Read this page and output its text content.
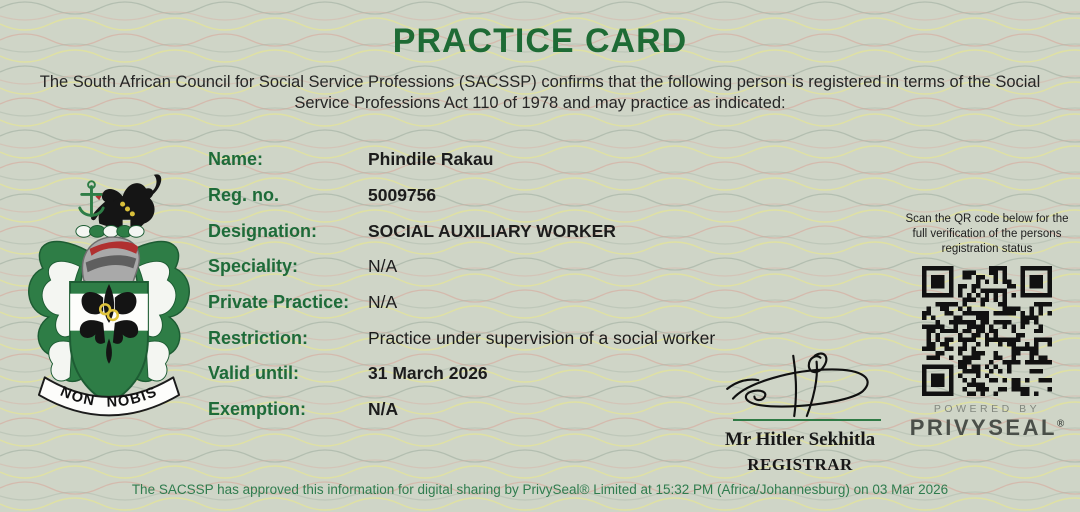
PRACTICE CARD

The South African Council for Social Service Professions (SACSSP) confirms that the following person is registered in terms of the Social Service Professions Act 110 of 1978 and may practice as indicated:

NON NOBIS
Name:	Phindile Rakau
Reg. no.	5009756
Designation:	SOCIAL AUXILIARY WORKER
Speciality:	N/A
Private Practice:	N/A
Restriction:	Practice under supervision of a social worker
Valid until:	31 March 2026
Exemption:	N/A

Scan the QR code below for the full verification of the persons registration status

POWERED BY
PRIVYSEAL®
Mr Hitler Sekhitla
REGISTRAR

The SACSSP has approved this information for digital sharing by PrivySeal® Limited at 15:32 PM (Africa/Johannesburg) on 03 Mar 2026
